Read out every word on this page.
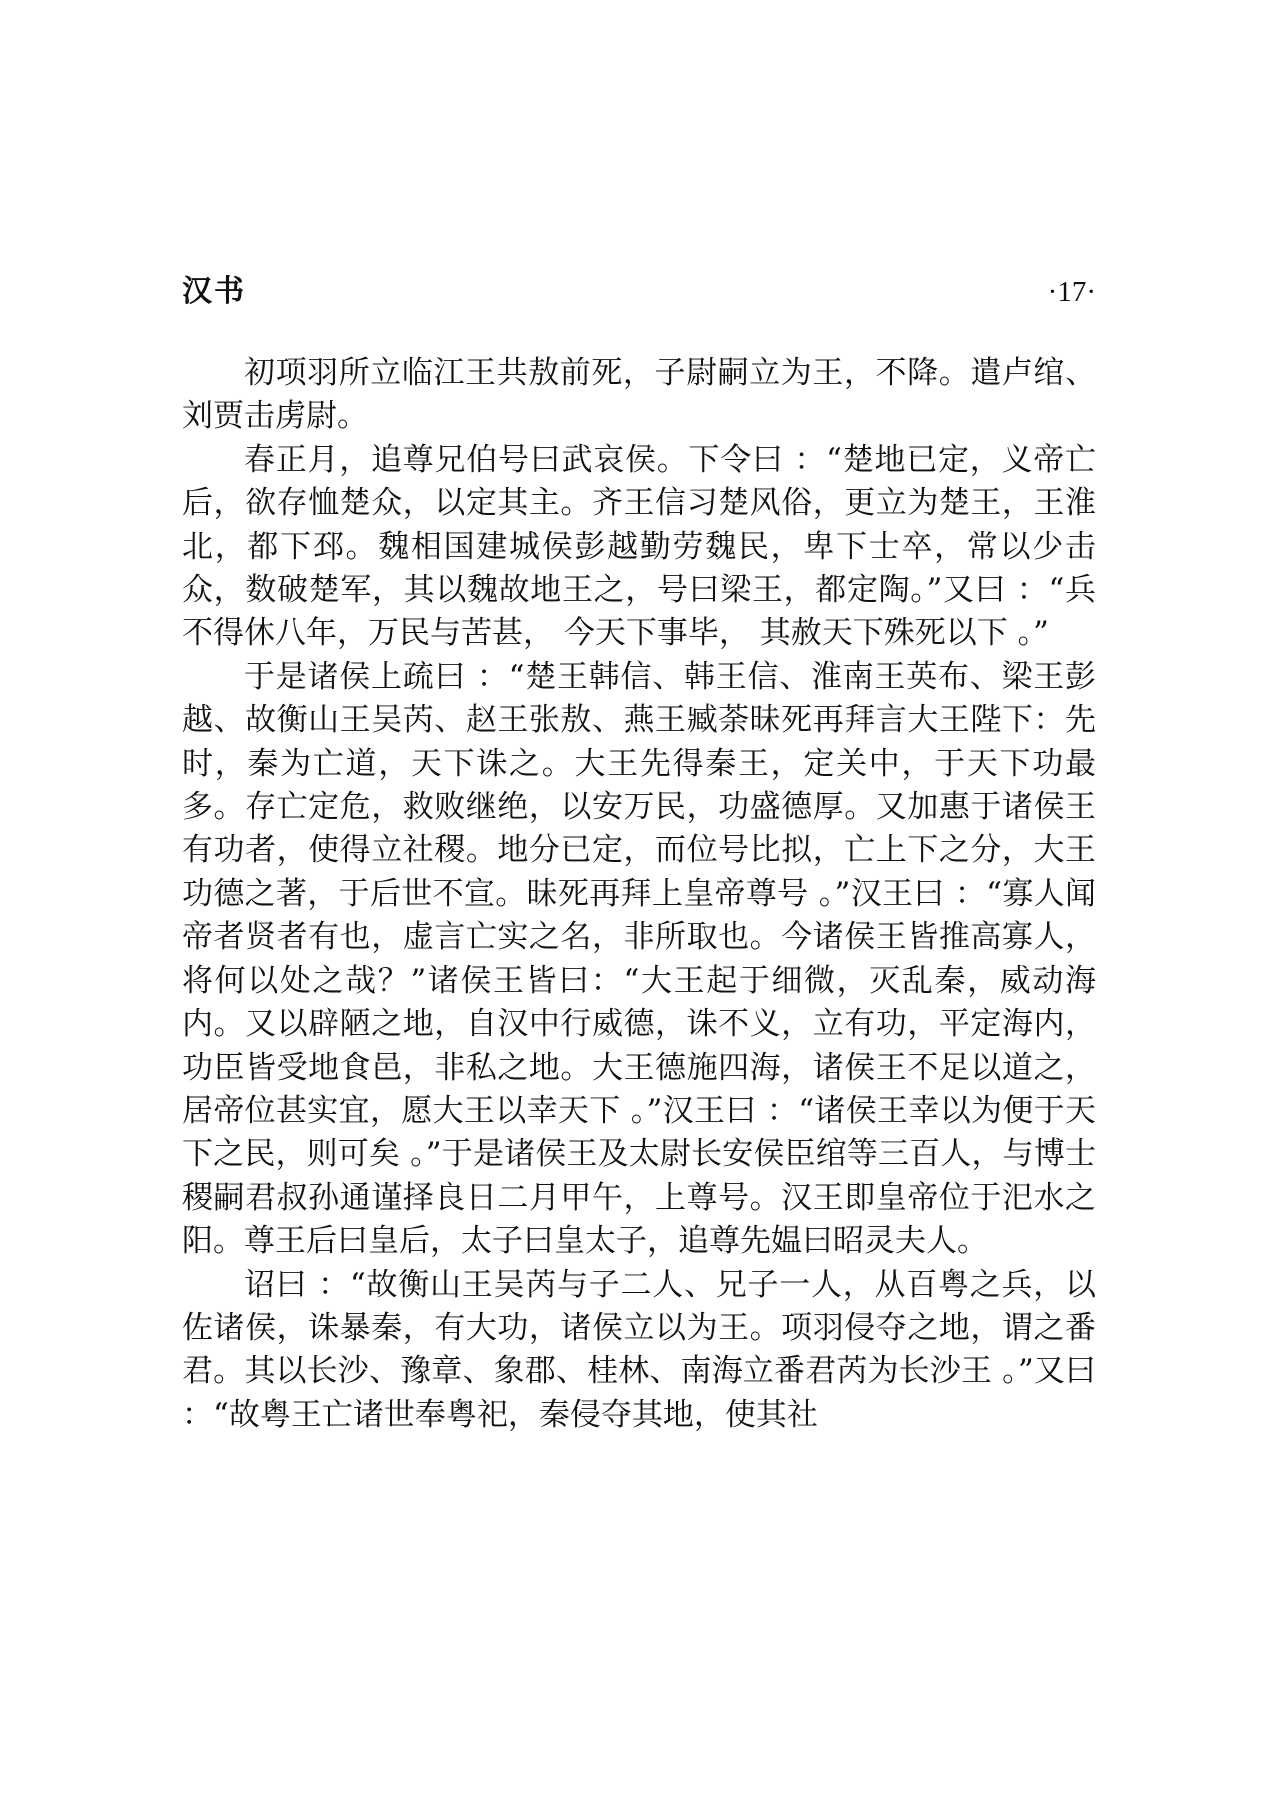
汉书	·17·

初项羽所立临江王共敖前死，子尉嗣立为王，不降。遣卢绾、刘贾击虏尉。

春正月，追尊兄伯号曰武哀侯。下令曰 ：“楚地已定，义帝亡后，欲存恤楚众，以定其主。齐王信习楚风俗，更立为楚王，王淮北，都下邳。魏相国建城侯彭越勤劳魏民，卑下士卒，常以少击众，数破楚军，其以魏故地王之，号曰梁王，都定陶。”又曰 ：“兵不得休八年，万民与苦甚， 今天下事毕， 其赦天下殊死以下 。”

于是诸侯上疏曰 ：“楚王韩信、韩王信、淮南王英布、梁王彭越、故衡山王吴芮、赵王张敖、燕王臧荼昧死再拜言大王陛下：先时，秦为亡道，天下诛之。大王先得秦王，定关中，于天下功最多。存亡定危，救败继绝，以安万民，功盛德厚。又加惠于诸侯王有功者，使得立社稷。地分已定，而位号比拟，亡上下之分，大王功德之著，于后世不宣。昧死再拜上皇帝尊号 。”汉王曰 ：“寡人闻帝者贤者有也，虚言亡实之名，非所取也。今诸侯王皆推高寡人，将何以处之哉？”诸侯王皆曰：“大王起于细微，灭乱秦，威动海内。又以辟陋之地，自汉中行威德，诛不义，立有功，平定海内，功臣皆受地食邑，非私之地。大王德施四海，诸侯王不足以道之，居帝位甚实宜，愿大王以幸天下 。”汉王曰 ：“诸侯王幸以为便于天下之民，则可矣 。”于是诸侯王及太尉长安侯臣绾等三百人，与博士稷嗣君叔孙通谨择良日二月甲午，上尊号。汉王即皇帝位于汜水之阳。尊王后曰皇后，太子曰皇太子，追尊先媪曰昭灵夫人。

诏曰 ：“故衡山王吴芮与子二人、兄子一人，从百粤之兵，以佐诸侯，诛暴秦，有大功，诸侯立以为王。项羽侵夺之地，谓之番君。其以长沙、豫章、象郡、桂林、南海立番君芮为长沙王 。”又曰 ：“故粤王亡诸世奉粤祀，秦侵夺其地，使其社
